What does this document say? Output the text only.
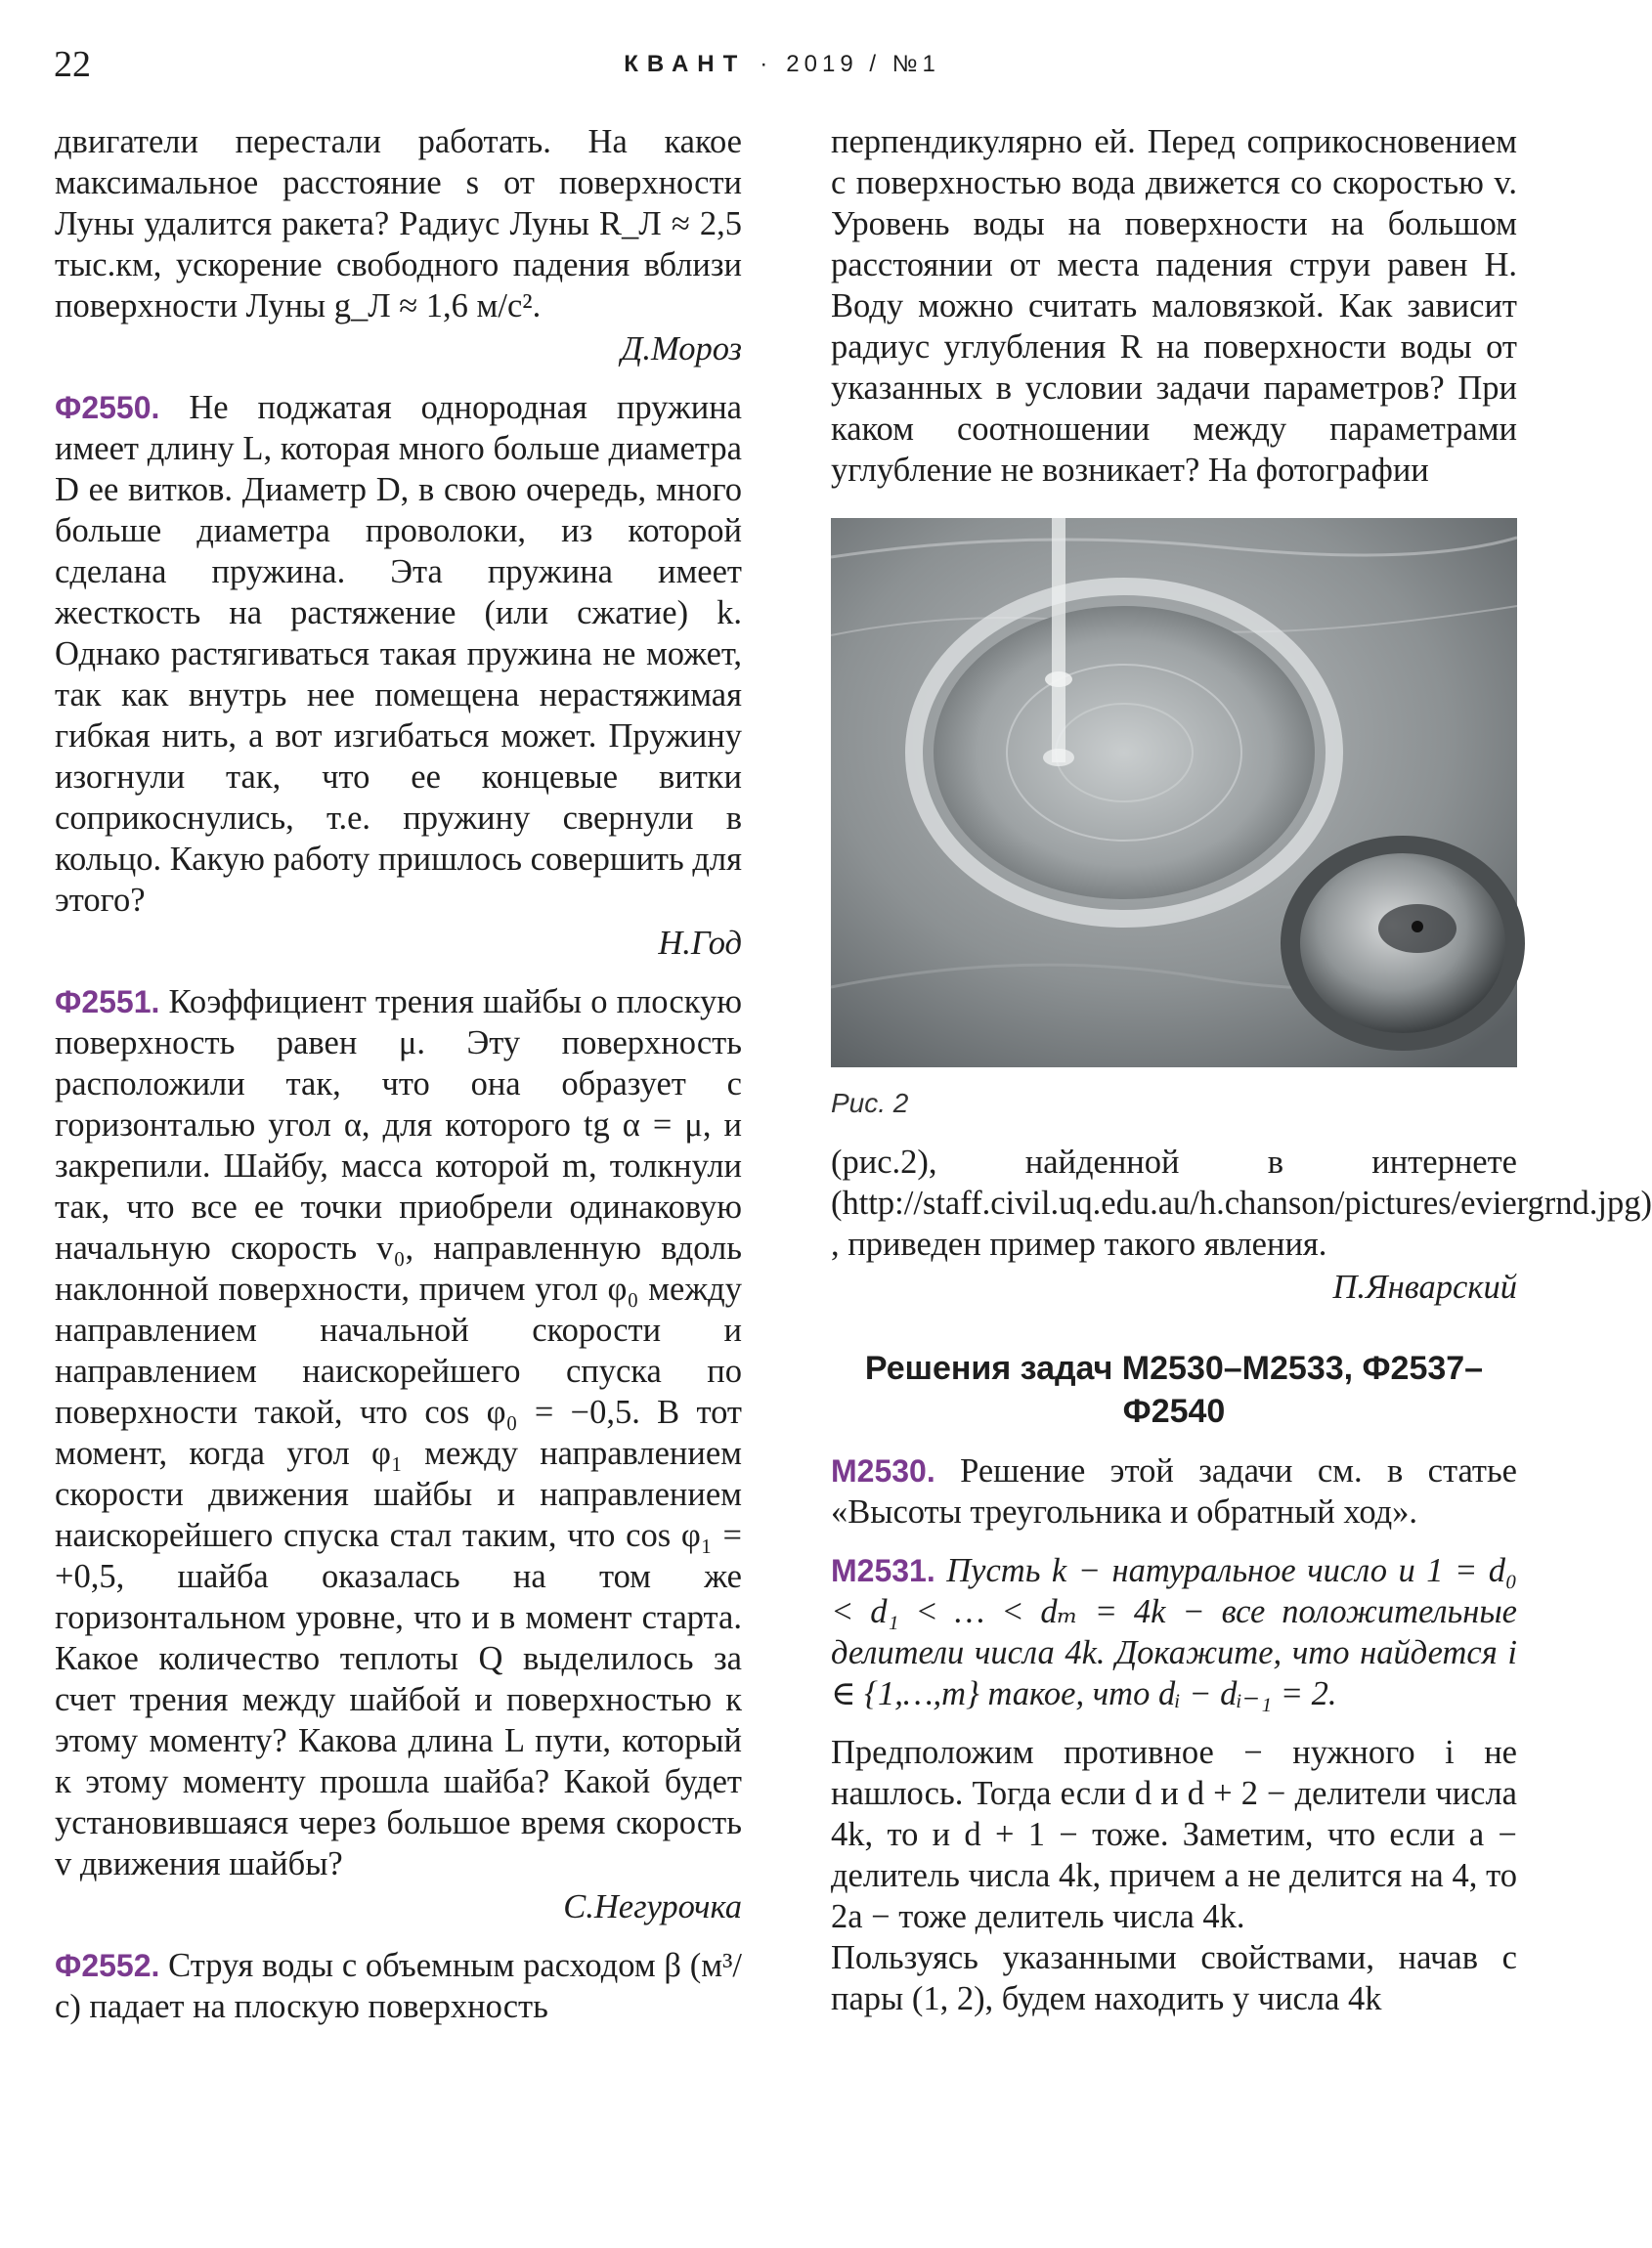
22	КВАНТ · 2019 / №1

двигатели перестали работать. На какое максимальное расстояние s от поверхности Луны удалится ракета? Радиус Луны R_Л ≈ 2,5 тыс.км, ускорение свободного падения вблизи поверхности Луны g_Л ≈ 1,6 м/с².

Д.Мороз

Ф2550. Не поджатая однородная пружина имеет длину L, которая много больше диаметра D ее витков. Диаметр D, в свою очередь, много больше диаметра проволоки, из которой сделана пружина. Эта пружина имеет жесткость на растяжение (или сжатие) k. Однако растягиваться такая пружина не может, так как внутрь нее помещена нерастяжимая гибкая нить, а вот изгибаться может. Пружину изогнули так, что ее концевые витки соприкоснулись, т.е. пружину свернули в кольцо. Какую работу пришлось совершить для этого?

Н.Год

Ф2551. Коэффициент трения шайбы о плоскую поверхность равен μ. Эту поверхность расположили так, что она образует с горизонталью угол α, для которого tg α = μ, и закрепили. Шайбу, масса которой m, толкнули так, что все ее точки приобрели одинаковую начальную скорость v₀, направленную вдоль наклонной поверхности, причем угол φ₀ между направлением начальной скорости и направлением наискорейшего спуска по поверхности такой, что cos φ₀ = −0,5. В тот момент, когда угол φ₁ между направлением скорости движения шайбы и направлением наискорейшего спуска стал таким, что cos φ₁ = +0,5, шайба оказалась на том же горизонтальном уровне, что и в момент старта. Какое количество теплоты Q выделилось за счет трения между шайбой и поверхностью к этому моменту? Какова длина L пути, который к этому моменту прошла шайба? Какой будет установившаяся через большое время скорость v движения шайбы?

С.Негурочка

Ф2552. Струя воды с объемным расходом β (м³/с) падает на плоскую поверхность

перпендикулярно ей. Перед соприкосновением с поверхностью вода движется со скоростью v. Уровень воды на поверхности на большом расстоянии от места падения струи равен H. Воду можно считать маловязкой. Как зависит радиус углубления R на поверхности воды от указанных в условии задачи параметров? При каком соотношении между параметрами углубление не возникает? На фотографии

Рис. 2

(рис.2), найденной в интернете (http://staff.civil.uq.edu.au/h.chanson/pictures/eviergrnd.jpg) , приведен пример такого явления.

П.Январский
Решения задач М2530–М2533, Ф2537–Ф2540

М2530. Решение этой задачи см. в статье «Высоты треугольника и обратный ход».

М2531. Пусть k − натуральное число и 1 = d₀ < d₁ < … < dₘ = 4k − все положительные делители числа 4k. Докажите, что найдется i ∈ {1,…,m} такое, что dᵢ − dᵢ₋₁ = 2.

Предположим противное − нужного i не нашлось. Тогда если d и d + 2 − делители числа 4k, то и d + 1 − тоже. Заметим, что если a − делитель числа 4k, причем a не делится на 4, то 2a − тоже делитель числа 4k.

Пользуясь указанными свойствами, начав с пары (1, 2), будем находить у числа 4k
